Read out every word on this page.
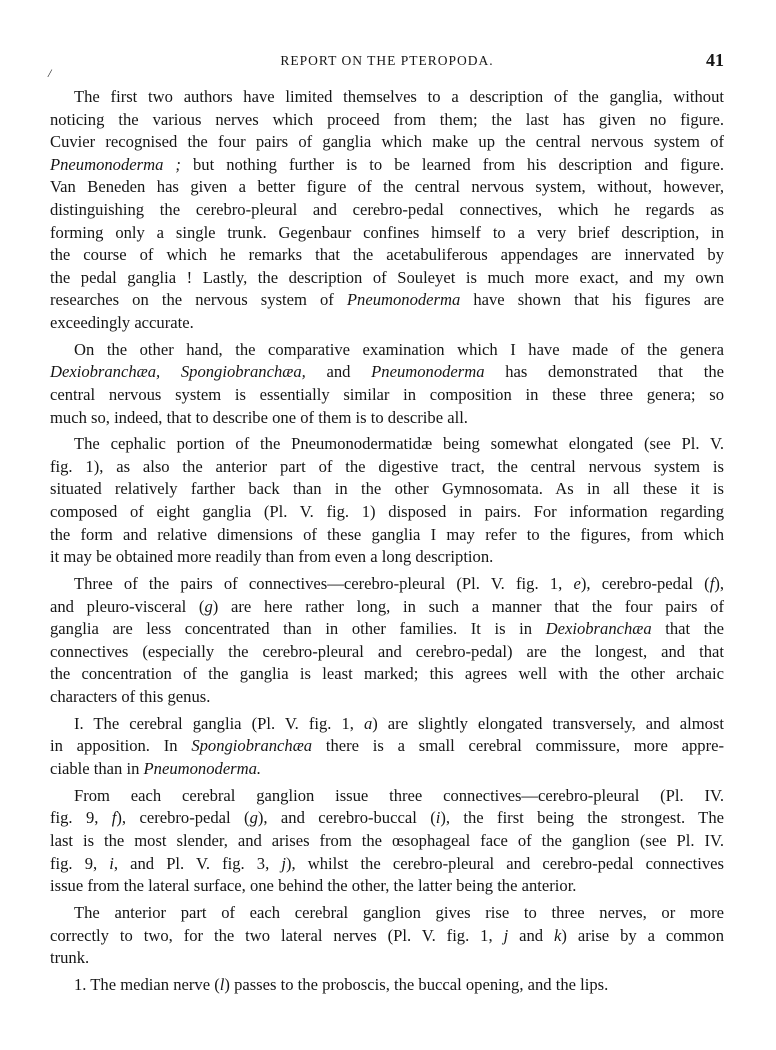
REPORT ON THE PTEROPODA.	41
/
The first two authors have limited themselves to a description of the ganglia, without
noticing the various nerves which proceed from them; the last has given no figure.
Cuvier recognised the four pairs of ganglia which make up the central nervous system of
Pneumonoderma ; but nothing further is to be learned from his description and figure.
Van Beneden has given a better figure of the central nervous system, without, however,
distinguishing the cerebro-pleural and cerebro-pedal connectives, which he regards as
forming only a single trunk. Gegenbaur confines himself to a very brief description, in
the course of which he remarks that the acetabuliferous appendages are innervated by
the pedal ganglia ! Lastly, the description of Souleyet is much more exact, and my own
researches on the nervous system of Pneumonoderma have shown that his figures are
exceedingly accurate.
On the other hand, the comparative examination which I have made of the genera
Dexiobranchæa, Spongiobranchæa, and Pneumonoderma has demonstrated that the
central nervous system is essentially similar in composition in these three genera; so
much so, indeed, that to describe one of them is to describe all.
The cephalic portion of the Pneumonodermatidæ being somewhat elongated (see Pl. V.
fig. 1), as also the anterior part of the digestive tract, the central nervous system is
situated relatively farther back than in the other Gymnosomata. As in all these it is
composed of eight ganglia (Pl. V. fig. 1) disposed in pairs. For information regarding
the form and relative dimensions of these ganglia I may refer to the figures, from which
it may be obtained more readily than from even a long description.
Three of the pairs of connectives—cerebro-pleural (Pl. V. fig. 1, e), cerebro-pedal (f),
and pleuro-visceral (g) are here rather long, in such a manner that the four pairs of
ganglia are less concentrated than in other families. It is in Dexiobranchæa that the
connectives (especially the cerebro-pleural and cerebro-pedal) are the longest, and that
the concentration of the ganglia is least marked; this agrees well with the other archaic
characters of this genus.
I. The cerebral ganglia (Pl. V. fig. 1, a) are slightly elongated transversely, and almost
in apposition. In Spongiobranchæa there is a small cerebral commissure, more appre-
ciable than in Pneumonoderma.
From each cerebral ganglion issue three connectives—cerebro-pleural (Pl. IV.
fig. 9, f), cerebro-pedal (g), and cerebro-buccal (i), the first being the strongest. The
last is the most slender, and arises from the œsophageal face of the ganglion (see Pl. IV.
fig. 9, i, and Pl. V. fig. 3, j), whilst the cerebro-pleural and cerebro-pedal connectives
issue from the lateral surface, one behind the other, the latter being the anterior.
The anterior part of each cerebral ganglion gives rise to three nerves, or more
correctly to two, for the two lateral nerves (Pl. V. fig. 1, j and k) arise by a common
trunk.
1. The median nerve (l) passes to the proboscis, the buccal opening, and the lips.
